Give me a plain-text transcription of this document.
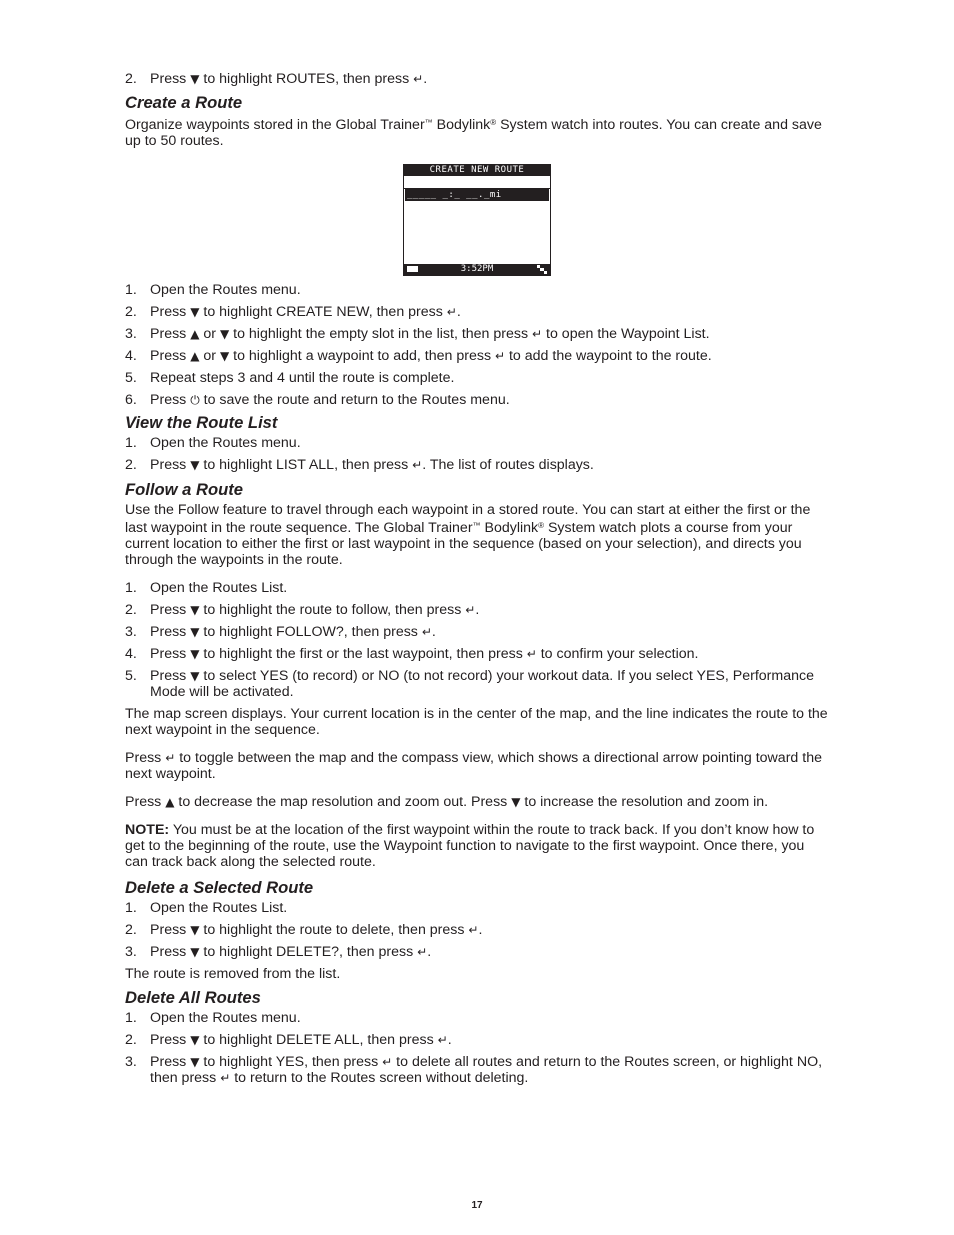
2. Press ▼ to highlight ROUTES, then press ↵.
Create a Route

Organize waypoints stored in the Global Trainer™ Bodylink® System watch into routes. You can create and save up to 50 routes.

CREATE NEW ROUTE
_____ _:_ __._mi
3:52PM
1. Open the Routes menu.
2. Press ▼ to highlight CREATE NEW, then press ↵.
3. Press ▲ or ▼ to highlight the empty slot in the list, then press ↵ to open the Waypoint List.
4. Press ▲ or ▼ to highlight a waypoint to add, then press ↵ to add the waypoint to the route.
5. Repeat steps 3 and 4 until the route is complete.
6. Press ⏻ to save the route and return to the Routes menu.
View the Route List
1. Open the Routes menu.
2. Press ▼ to highlight LIST ALL, then press ↵. The list of routes displays.
Follow a Route

Use the Follow feature to travel through each waypoint in a stored route. You can start at either the first or the last waypoint in the route sequence. The Global Trainer™ Bodylink® System watch plots a course from your current location to either the first or last waypoint in the sequence (based on your selection), and directs you through the waypoints in the route.

1. Open the Routes List.
2. Press ▼ to highlight the route to follow, then press ↵.
3. Press ▼ to highlight FOLLOW?, then press ↵.
4. Press ▼ to highlight the first or the last waypoint, then press ↵ to confirm your selection.
5. Press ▼ to select YES (to record) or NO (to not record) your workout data. If you select YES, Performance Mode will be activated.

The map screen displays. Your current location is in the center of the map, and the line indicates the route to the next waypoint in the sequence.

Press ↵ to toggle between the map and the compass view, which shows a directional arrow pointing toward the next waypoint.

Press ▲ to decrease the map resolution and zoom out. Press ▼ to increase the resolution and zoom in.

NOTE: You must be at the location of the first waypoint within the route to track back. If you don’t know how to get to the beginning of the route, use the Waypoint function to navigate to the first waypoint. Once there, you can track back along the selected route.

Delete a Selected Route
1. Open the Routes List.
2. Press ▼ to highlight the route to delete, then press ↵.
3. Press ▼ to highlight DELETE?, then press ↵.

The route is removed from the list.

Delete All Routes
1. Open the Routes menu.
2. Press ▼ to highlight DELETE ALL, then press ↵.
3. Press ▼ to highlight YES, then press ↵ to delete all routes and return to the Routes screen, or highlight NO, then press ↵ to return to the Routes screen without deleting.
17
